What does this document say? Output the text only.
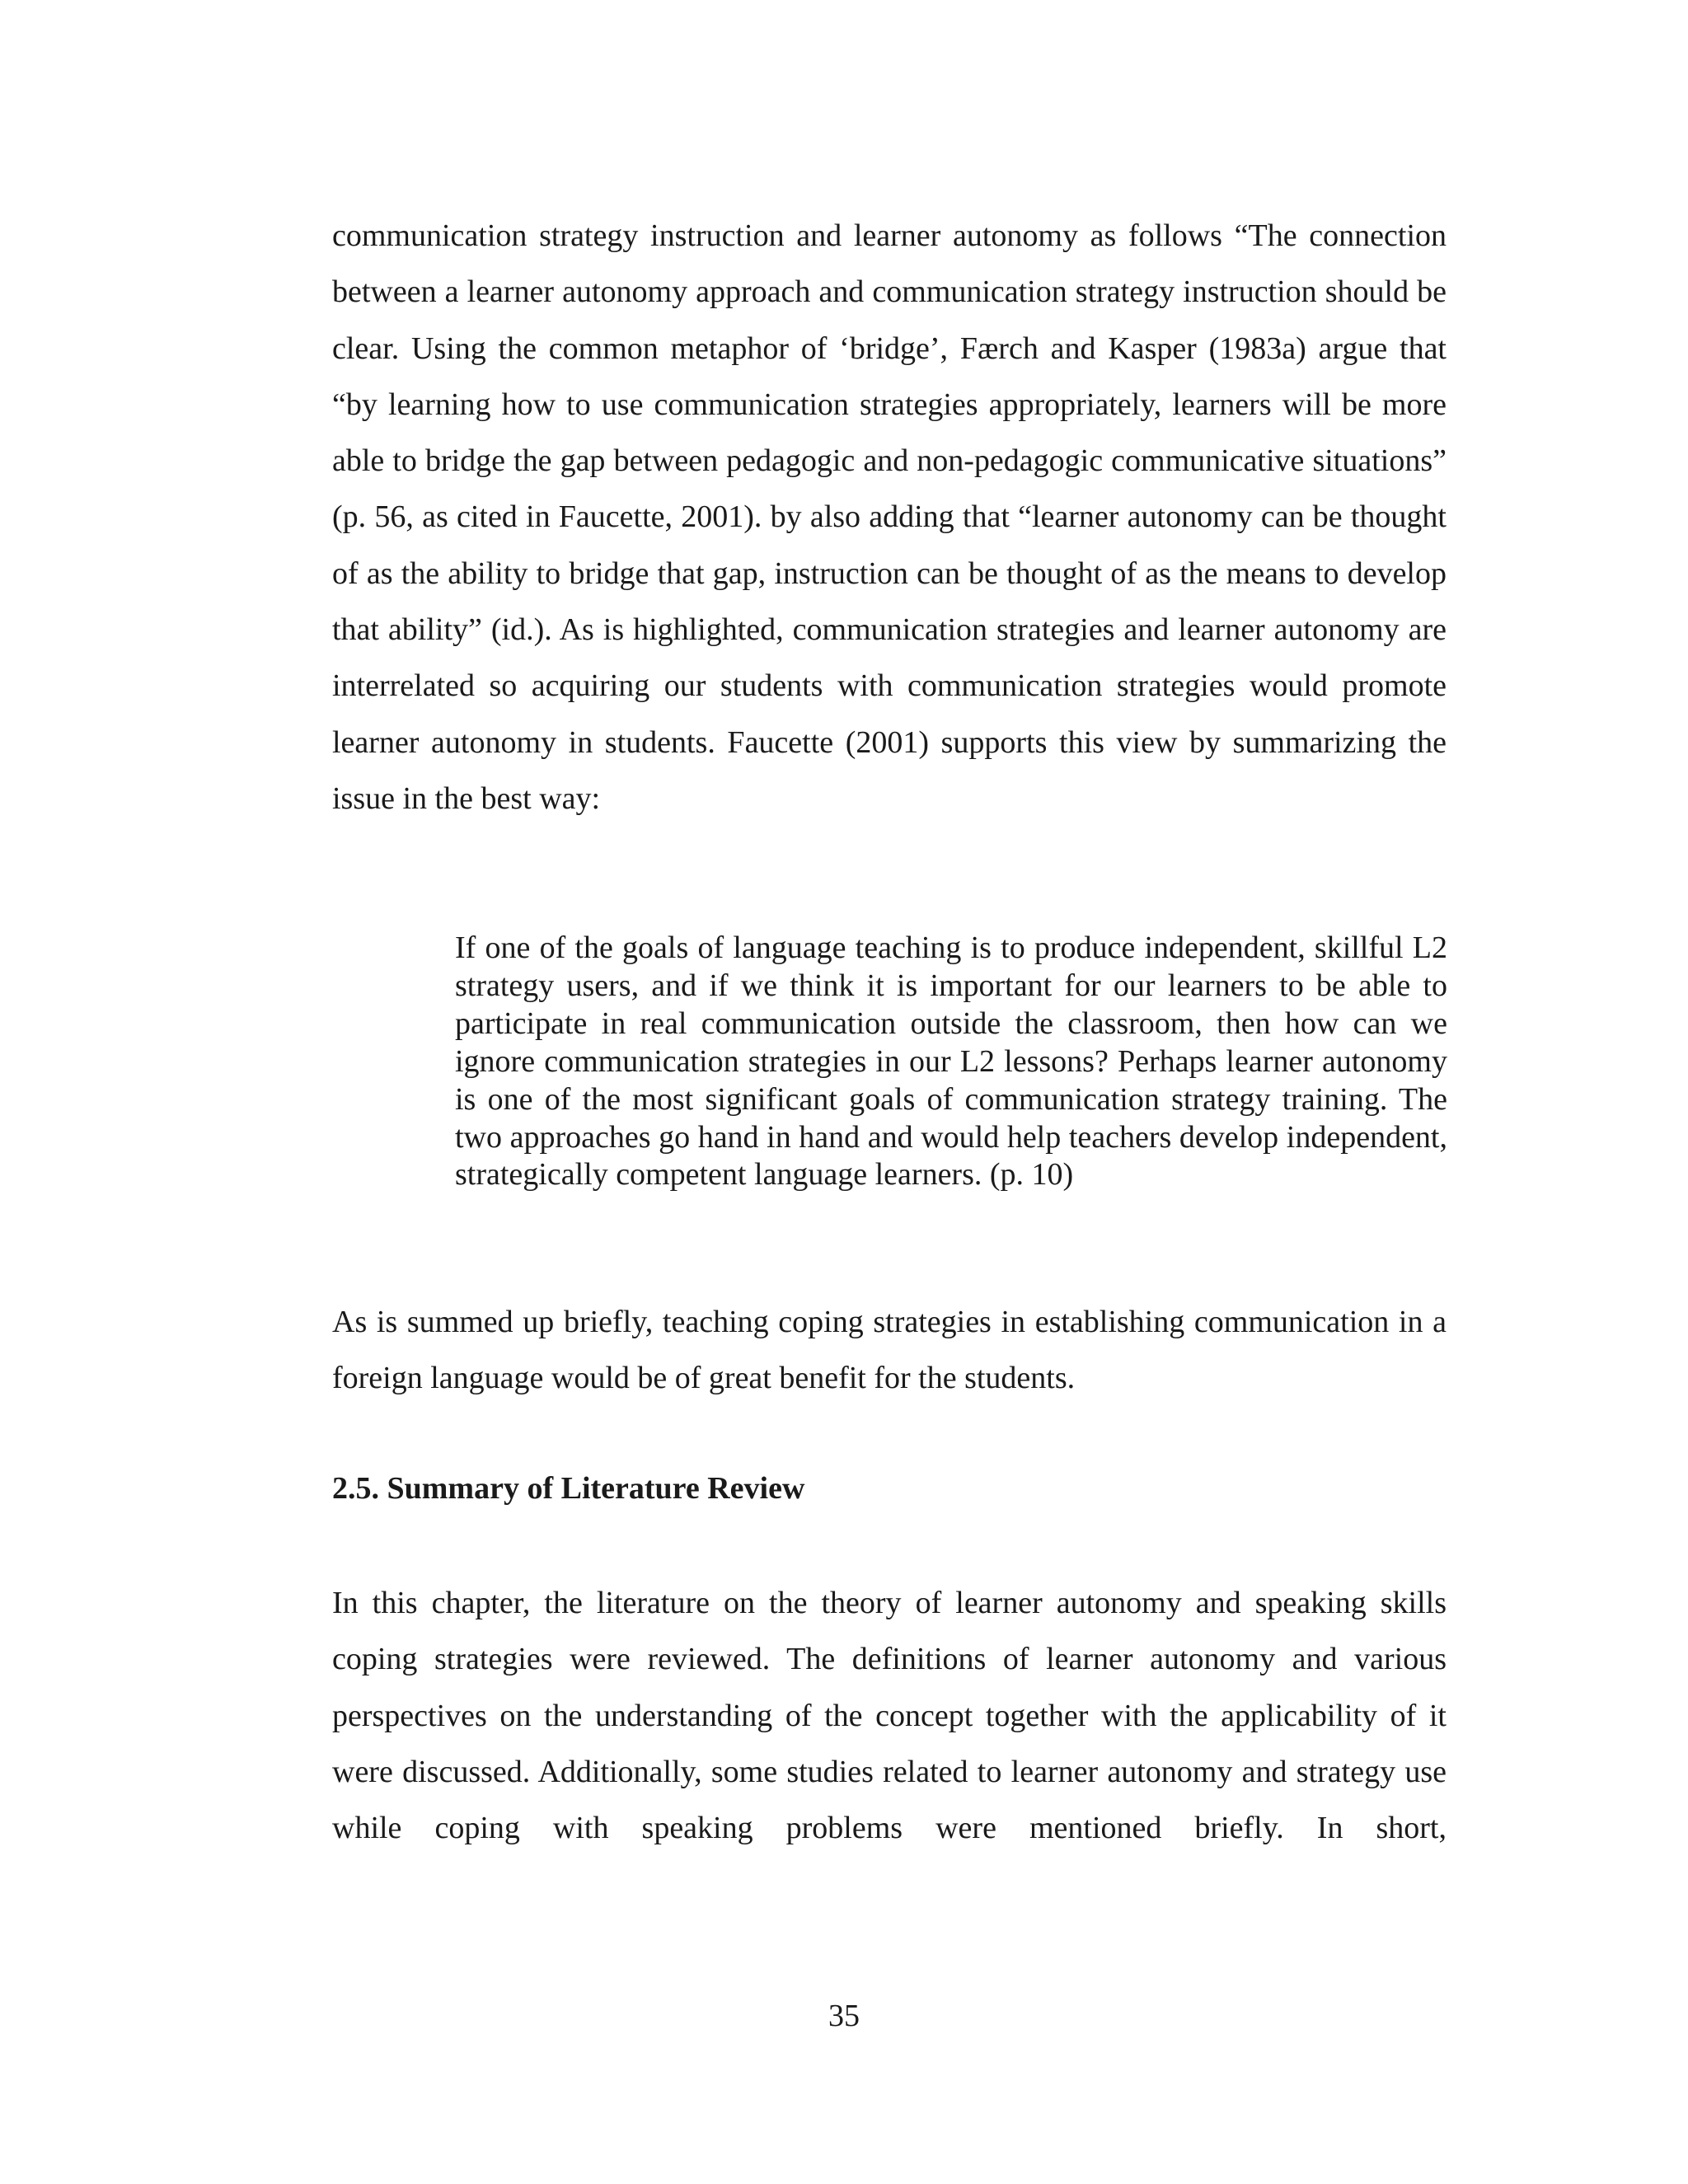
communication strategy instruction and learner autonomy as follows “The connection between a learner autonomy approach and communication strategy instruction should be clear. Using the common metaphor of ‘bridge’, Færch and Kasper (1983a) argue that “by learning how to use communication strategies appropriately, learners will be more able to bridge the gap between pedagogic and non-pedagogic communicative situations” (p. 56, as cited in Faucette, 2001). by also adding that “learner autonomy can be thought of as the ability to bridge that gap, instruction can be thought of as the means to develop that ability” (id.). As is highlighted, communication strategies and learner autonomy are interrelated so acquiring our students with communication strategies would promote learner autonomy in students. Faucette (2001) supports this view by summarizing the issue in the best way:

If one of the goals of language teaching is to produce independent, skillful L2 strategy users, and if we think it is important for our learners to be able to participate in real communication outside the classroom, then how can we ignore communication strategies in our L2 lessons? Perhaps learner autonomy is one of the most significant goals of communication strategy training. The two approaches go hand in hand and would help teachers develop independent, strategically competent language learners. (p. 10)

As is summed up briefly, teaching coping strategies in establishing communication in a foreign language would be of great benefit for the students.

2.5. Summary of Literature Review

In this chapter, the literature on the theory of learner autonomy and speaking skills coping strategies were reviewed. The definitions of learner autonomy and various perspectives on the understanding of the concept together with the applicability of it were discussed. Additionally, some studies related to learner autonomy and strategy use while coping with speaking problems were mentioned briefly. In short,

35
